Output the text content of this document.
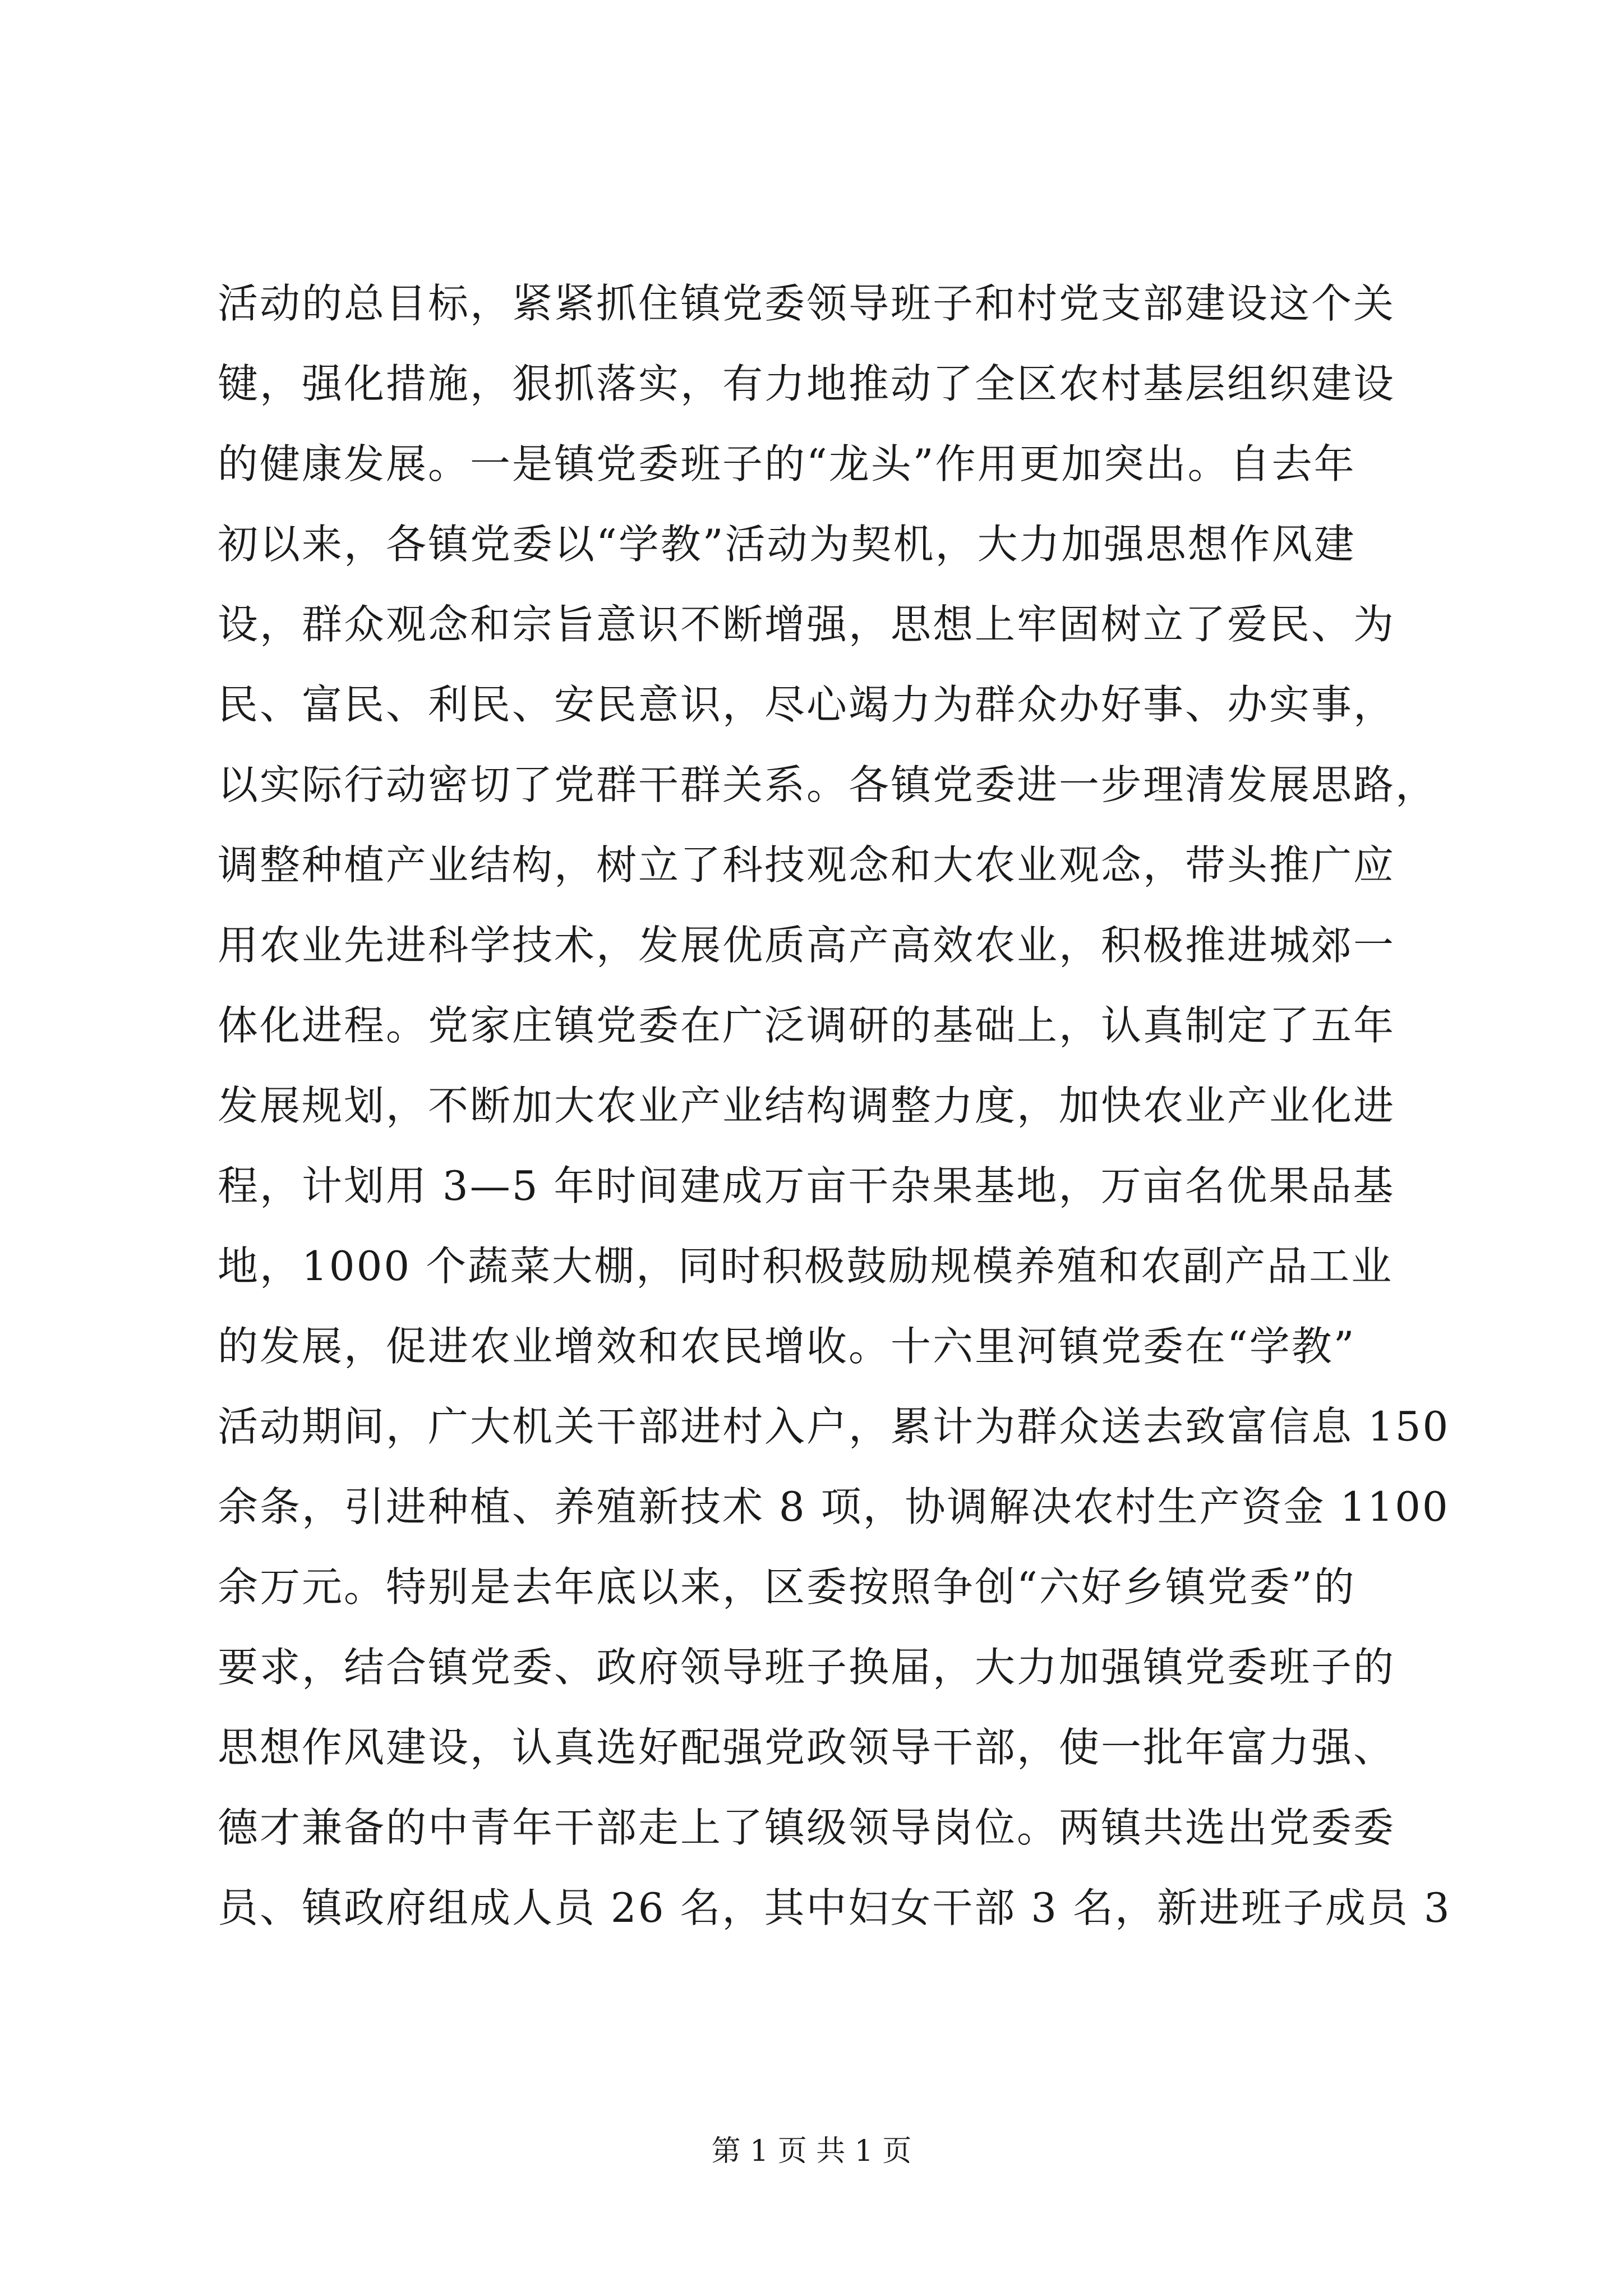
活动的总目标，紧紧抓住镇党委领导班子和村党支部建设这个关
键，强化措施，狠抓落实，有力地推动了全区农村基层组织建设
的健康发展。一是镇党委班子的“龙头”作用更加突出。自去年
初以来，各镇党委以“学教”活动为契机，大力加强思想作风建
设，群众观念和宗旨意识不断增强，思想上牢固树立了爱民、为
民、富民、利民、安民意识，尽心竭力为群众办好事、办实事，
以实际行动密切了党群干群关系。各镇党委进一步理清发展思路，
调整种植产业结构，树立了科技观念和大农业观念，带头推广应
用农业先进科学技术，发展优质高产高效农业，积极推进城郊一
体化进程。党家庄镇党委在广泛调研的基础上，认真制定了五年
发展规划，不断加大农业产业结构调整力度，加快农业产业化进
程，计划用 3—5 年时间建成万亩干杂果基地，万亩名优果品基
地，1000 个蔬菜大棚，同时积极鼓励规模养殖和农副产品工业
的发展，促进农业增效和农民增收。十六里河镇党委在“学教”
活动期间，广大机关干部进村入户，累计为群众送去致富信息 150
余条，引进种植、养殖新技术 8 项，协调解决农村生产资金 1100
余万元。特别是去年底以来，区委按照争创“六好乡镇党委”的
要求，结合镇党委、政府领导班子换届，大力加强镇党委班子的
思想作风建设，认真选好配强党政领导干部，使一批年富力强、
德才兼备的中青年干部走上了镇级领导岗位。两镇共选出党委委
员、镇政府组成人员 26 名，其中妇女干部 3 名，新进班子成员 3
第 1 页 共 1 页
